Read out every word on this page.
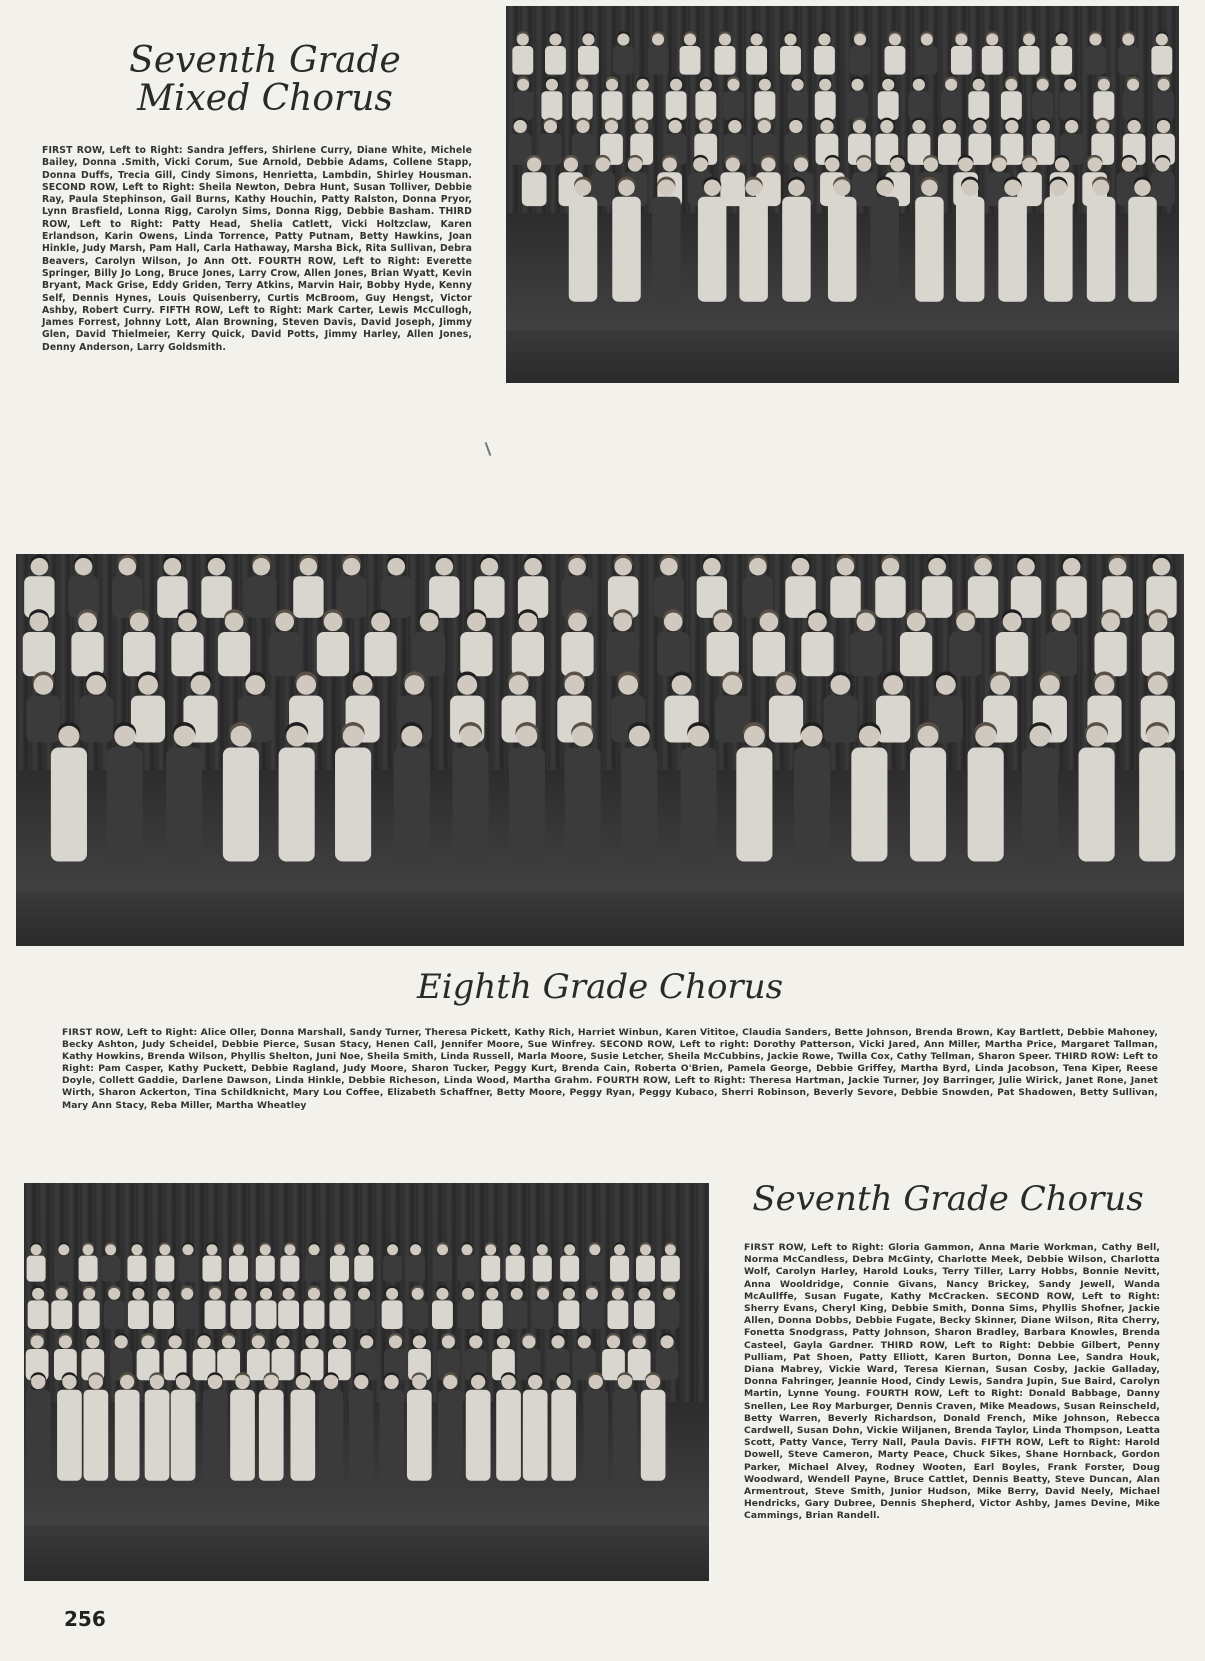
Seventh Grade
Mixed Chorus

FIRST ROW, Left to Right: Sandra Jeffers, Shirlene Curry, Diane White, Michele Bailey, Donna .Smith, Vicki Corum, Sue Arnold, Debbie Adams, Collene Stapp, Donna Duffs, Trecia Gill, Cindy Simons, Henrietta, Lambdin, Shirley Housman. SECOND ROW, Left to Right: Sheila Newton, Debra Hunt, Susan Tolliver, Debbie Ray, Paula Stephinson, Gail Burns, Kathy Houchin, Patty Ralston, Donna Pryor, Lynn Brasfield, Lonna Rigg, Carolyn Sims, Donna Rigg, Debbie Basham. THIRD ROW, Left to Right: Patty Head, Shelia Catlett, Vicki Holtzclaw, Karen Erlandson, Karin Owens, Linda Torrence, Patty Putnam, Betty Hawkins, Joan Hinkle, Judy Marsh, Pam Hall, Carla Hathaway, Marsha Bick, Rita Sullivan, Debra Beavers, Carolyn Wilson, Jo Ann Ott. FOURTH ROW, Left to Right: Everette Springer, Billy Jo Long, Bruce Jones, Larry Crow, Allen Jones, Brian Wyatt, Kevin Bryant, Mack Grise, Eddy Griden, Terry Atkins, Marvin Hair, Bobby Hyde, Kenny Self, Dennis Hynes, Louis Quisenberry, Curtis McBroom, Guy Hengst, Victor Ashby, Robert Curry. FIFTH ROW, Left to Right: Mark Carter, Lewis McCullogh, James Forrest, Johnny Lott, Alan Browning, Steven Davis, David Joseph, Jimmy Glen, David Thielmeier, Kerry Quick, David Potts, Jimmy Harley, Allen Jones, Denny Anderson, Larry Goldsmith.

Eighth Grade Chorus

FIRST ROW, Left to Right: Alice Oller, Donna Marshall, Sandy Turner, Theresa Pickett, Kathy Rich, Harriet Winbun, Karen Vititoe, Claudia Sanders, Bette Johnson, Brenda Brown, Kay Bartlett, Debbie Mahoney, Becky Ashton, Judy Scheidel, Debbie Pierce, Susan Stacy, Henen Call, Jennifer Moore, Sue Winfrey. SECOND ROW, Left to right: Dorothy Patterson, Vicki Jared, Ann Miller, Martha Price, Margaret Tallman, Kathy Howkins, Brenda Wilson, Phyllis Shelton, Juni Noe, Sheila Smith, Linda Russell, Marla Moore, Susie Letcher, Sheila McCubbins, Jackie Rowe, Twilla Cox, Cathy Tellman, Sharon Speer. THIRD ROW: Left to Right: Pam Casper, Kathy Puckett, Debbie Ragland, Judy Moore, Sharon Tucker, Peggy Kurt, Brenda Cain, Roberta O'Brien, Pamela George, Debbie Griffey, Martha Byrd, Linda Jacobson, Tena Kiper, Reese Doyle, Collett Gaddie, Darlene Dawson, Linda Hinkle, Debbie Richeson, Linda Wood, Martha Grahm. FOURTH ROW, Left to Right: Theresa Hartman, Jackie Turner, Joy Barringer, Julie Wirick, Janet Rone, Janet Wirth, Sharon Ackerton, Tina Schildknicht, Mary Lou Coffee, Elizabeth Schaffner, Betty Moore, Peggy Ryan, Peggy Kubaco, Sherri Robinson, Beverly Sevore, Debbie Snowden, Pat Shadowen, Betty Sullivan, Mary Ann Stacy, Reba Miller, Martha Wheatley

Seventh Grade Chorus

FIRST ROW, Left to Right: Gloria Gammon, Anna Marie Workman, Cathy Bell, Norma McCandless, Debra McGinty, Charlotte Meek, Debbie Wilson, Charlotta Wolf, Carolyn Harley, Harold Louks, Terry Tiller, Larry Hobbs, Bonnie Nevitt, Anna Wooldridge, Connie Givans, Nancy Brickey, Sandy Jewell, Wanda McAullffe, Susan Fugate, Kathy McCracken. SECOND ROW, Left to Right: Sherry Evans, Cheryl King, Debbie Smith, Donna Sims, Phyllis Shofner, Jackie Allen, Donna Dobbs, Debbie Fugate, Becky Skinner, Diane Wilson, Rita Cherry, Fonetta Snodgrass, Patty Johnson, Sharon Bradley, Barbara Knowles, Brenda Casteel, Gayla Gardner. THIRD ROW, Left to Right: Debbie Gilbert, Penny Pulliam, Pat Shoen, Patty Elliott, Karen Burton, Donna Lee, Sandra Houk, Diana Mabrey, Vickie Ward, Teresa Kiernan, Susan Cosby, Jackie Galladay, Donna Fahringer, Jeannie Hood, Cindy Lewis, Sandra Jupin, Sue Baird, Carolyn Martin, Lynne Young. FOURTH ROW, Left to Right: Donald Babbage, Danny Snellen, Lee Roy Marburger, Dennis Craven, Mike Meadows, Susan Reinscheld, Betty Warren, Beverly Richardson, Donald French, Mike Johnson, Rebecca Cardwell, Susan Dohn, Vickie Wiljanen, Brenda Taylor, Linda Thompson, Leatta Scott, Patty Vance, Terry Nall, Paula Davis. FIFTH ROW, Left to Right: Harold Dowell, Steve Cameron, Marty Peace, Chuck Sikes, Shane Hornback, Gordon Parker, Michael Alvey, Rodney Wooten, Earl Boyles, Frank Forster, Doug Woodward, Wendell Payne, Bruce Cattlet, Dennis Beatty, Steve Duncan, Alan Armentrout, Steve Smith, Junior Hudson, Mike Berry, David Neely, Michael Hendricks, Gary Dubree, Dennis Shepherd, Victor Ashby, James Devine, Mike Cammings, Brian Randell.

256
